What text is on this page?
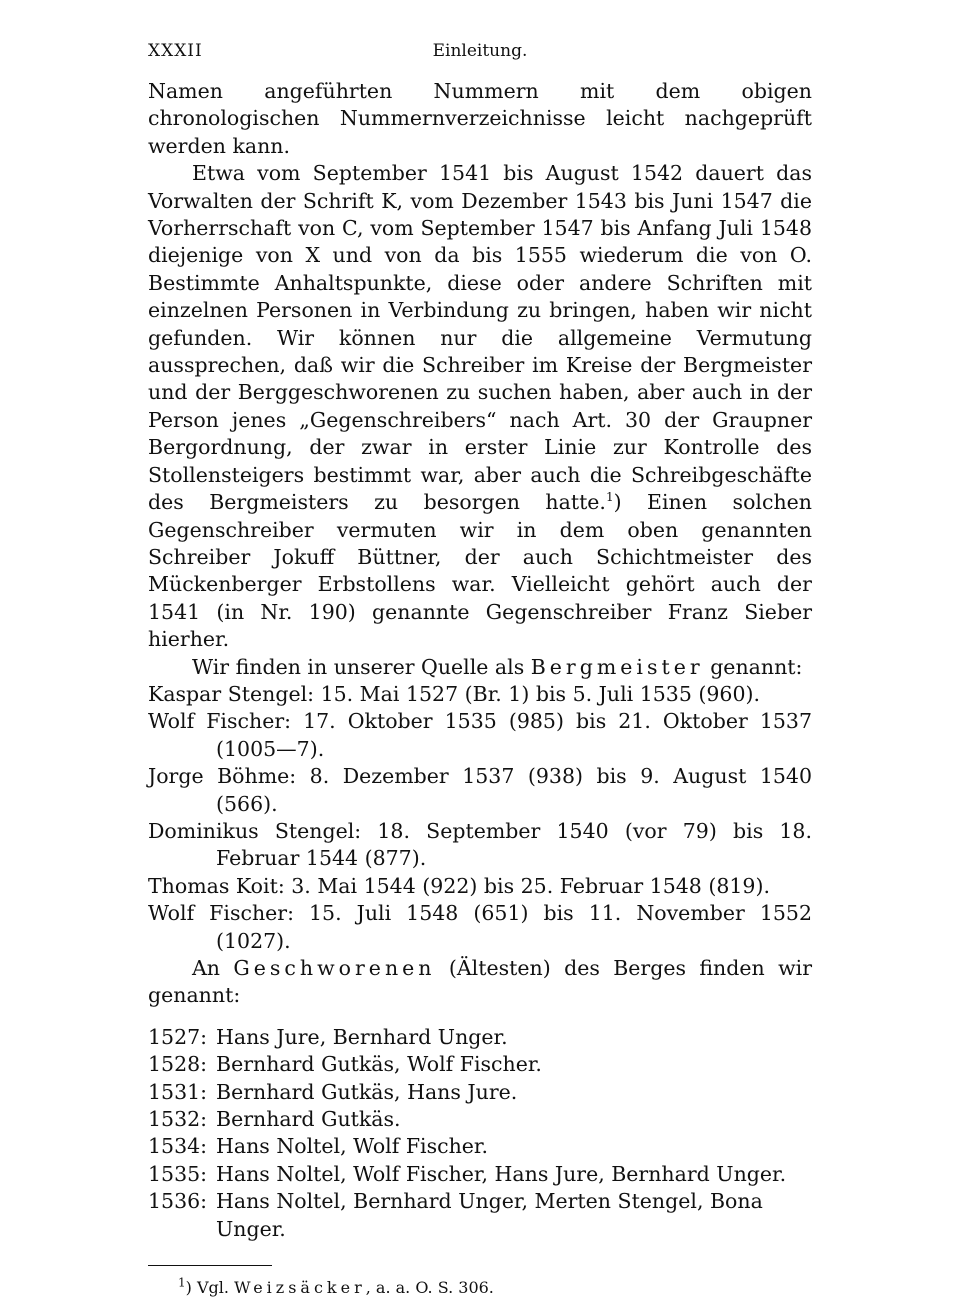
XXXII	Einleitung.

Namen angeführten Nummern mit dem obigen chronologischen Nummernverzeichnisse leicht nachgeprüft werden kann.

Etwa vom September 1541 bis August 1542 dauert das Vorwalten der Schrift K, vom Dezember 1543 bis Juni 1547 die Vorherrschaft von C, vom September 1547 bis Anfang Juli 1548 diejenige von X und von da bis 1555 wiederum die von O. Bestimmte Anhaltspunkte, diese oder andere Schriften mit einzelnen Personen in Verbindung zu bringen, haben wir nicht gefunden. Wir können nur die allgemeine Vermutung aussprechen, daß wir die Schreiber im Kreise der Bergmeister und der Berggeschworenen zu suchen haben, aber auch in der Person jenes „Gegenschreibers“ nach Art. 30 der Graupner Bergordnung, der zwar in erster Linie zur Kontrolle des Stollensteigers bestimmt war, aber auch die Schreibgeschäfte des Bergmeisters zu besorgen hatte.$^1$) Einen solchen Gegenschreiber vermuten wir in dem oben genannten Schreiber Jokuff Büttner, der auch Schichtmeister des Mückenberger Erbstollens war. Vielleicht gehört auch der 1541 (in Nr. 190) genannte Gegenschreiber Franz Sieber hierher.

Wir finden in unserer Quelle als Bergmeister genannt:

Kaspar Stengel: 15. Mai 1527 (Br. 1) bis 5. Juli 1535 (960).
Wolf Fischer: 17. Oktober 1535 (985) bis 21. Oktober 1537 (1005—7).
Jorge Böhme: 8. Dezember 1537 (938) bis 9. August 1540 (566).
Dominikus Stengel: 18. September 1540 (vor 79) bis 18. Februar 1544 (877).
Thomas Koit: 3. Mai 1544 (922) bis 25. Februar 1548 (819).
Wolf Fischer: 15. Juli 1548 (651) bis 11. November 1552 (1027).

An Geschworenen (Ältesten) des Berges finden wir genannt:

1527: Hans Jure, Bernhard Unger.
1528: Bernhard Gutkäs, Wolf Fischer.
1531: Bernhard Gutkäs, Hans Jure.
1532: Bernhard Gutkäs.
1534: Hans Noltel, Wolf Fischer.
1535: Hans Noltel, Wolf Fischer, Hans Jure, Bernhard Unger.
1536: Hans Noltel, Bernhard Unger, Merten Stengel, Bona Unger.
$^1$) Vgl. Weizsäcker, a. a. O. S. 306.
